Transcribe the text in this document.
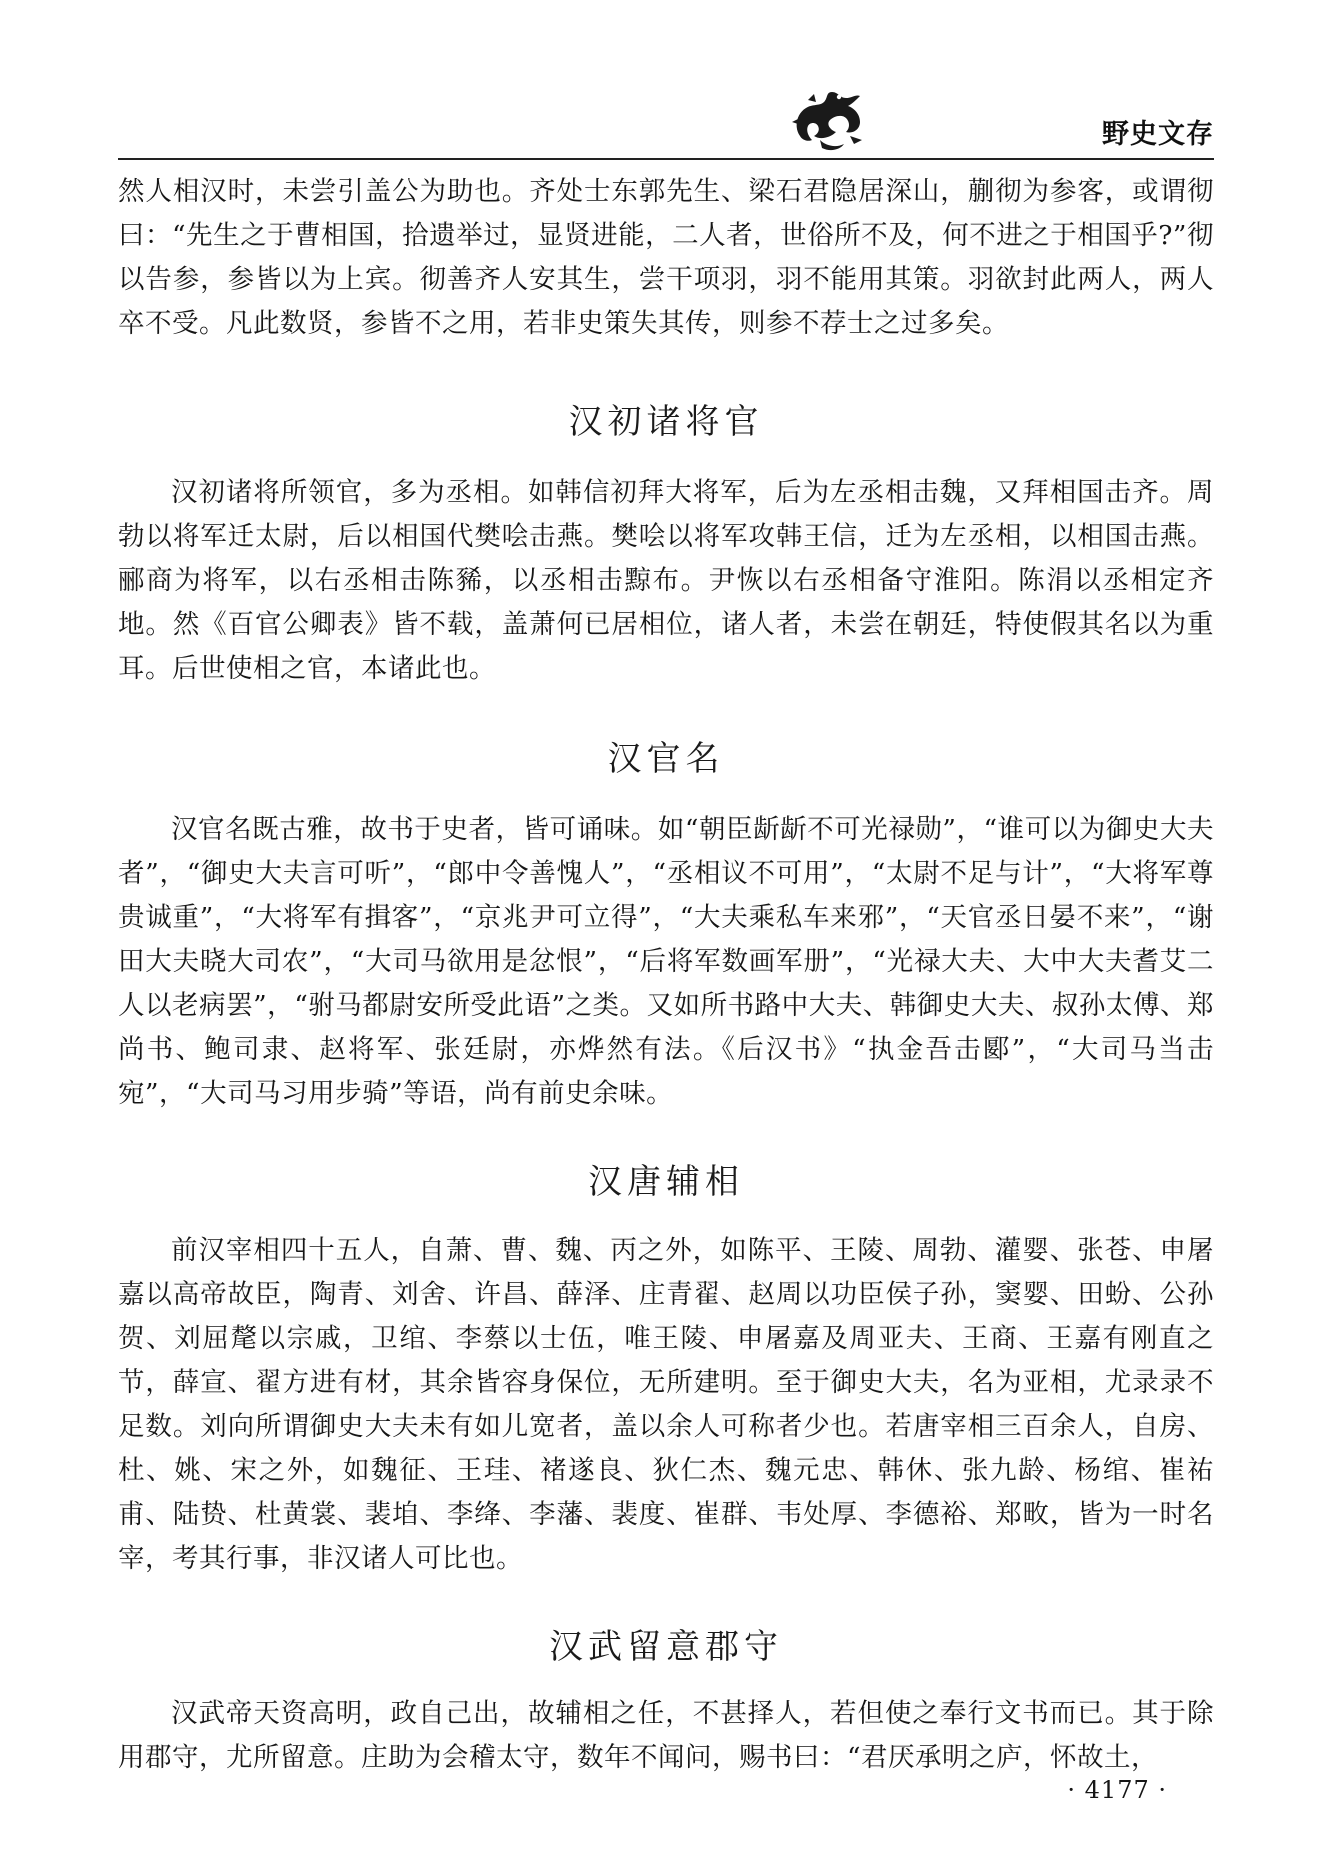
野史文存

然人相汉时，未尝引盖公为助也。齐处士东郭先生、梁石君隐居深山，蒯彻为参客，或谓彻曰：“先生之于曹相国，拾遗举过，显贤进能，二人者，世俗所不及，何不进之于相国乎?”彻以告参，参皆以为上宾。彻善齐人安其生，尝干项羽，羽不能用其策。羽欲封此两人，两人卒不受。凡此数贤，参皆不之用，若非史策失其传，则参不荐士之过多矣。

汉初诸将官

汉初诸将所领官，多为丞相。如韩信初拜大将军，后为左丞相击魏，又拜相国击齐。周勃以将军迁太尉，后以相国代樊哙击燕。樊哙以将军攻韩王信，迁为左丞相，以相国击燕。郦商为将军，以右丞相击陈豨，以丞相击黥布。尹恢以右丞相备守淮阳。陈涓以丞相定齐地。然《百官公卿表》皆不载，盖萧何已居相位，诸人者，未尝在朝廷，特使假其名以为重耳。后世使相之官，本诸此也。

汉官名

汉官名既古雅，故书于史者，皆可诵味。如“朝臣龂龂不可光禄勋”，“谁可以为御史大夫者”，“御史大夫言可听”，“郎中令善愧人”，“丞相议不可用”，“太尉不足与计”，“大将军尊贵诚重”，“大将军有揖客”，“京兆尹可立得”，“大夫乘私车来邪”，“天官丞日晏不来”，“谢田大夫晓大司农”，“大司马欲用是忿恨”，“后将军数画军册”，“光禄大夫、大中大夫耆艾二人以老病罢”，“驸马都尉安所受此语”之类。又如所书路中大夫、韩御史大夫、叔孙太傅、郑尚书、鲍司隶、赵将军、张廷尉，亦烨然有法。《后汉书》“执金吾击郾”，“大司马当击宛”，“大司马习用步骑”等语，尚有前史余味。

汉唐辅相

前汉宰相四十五人，自萧、曹、魏、丙之外，如陈平、王陵、周勃、灌婴、张苍、申屠嘉以高帝故臣，陶青、刘舍、许昌、薛泽、庄青翟、赵周以功臣侯子孙，窦婴、田蚡、公孙贺、刘屈氂以宗戚，卫绾、李蔡以士伍，唯王陵、申屠嘉及周亚夫、王商、王嘉有刚直之节，薛宣、翟方进有材，其余皆容身保位，无所建明。至于御史大夫，名为亚相，尤录录不足数。刘向所谓御史大夫未有如儿宽者，盖以余人可称者少也。若唐宰相三百余人，自房、杜、姚、宋之外，如魏征、王珪、褚遂良、狄仁杰、魏元忠、韩休、张九龄、杨绾、崔祐甫、陆贽、杜黄裳、裴垍、李绛、李藩、裴度、崔群、韦处厚、李德裕、郑畋，皆为一时名宰，考其行事，非汉诸人可比也。

汉武留意郡守

汉武帝天资高明，政自己出，故辅相之任，不甚择人，若但使之奉行文书而已。其于除用郡守，尤所留意。庄助为会稽太守，数年不闻问，赐书曰：“君厌承明之庐，怀故土，

· 4177 ·
